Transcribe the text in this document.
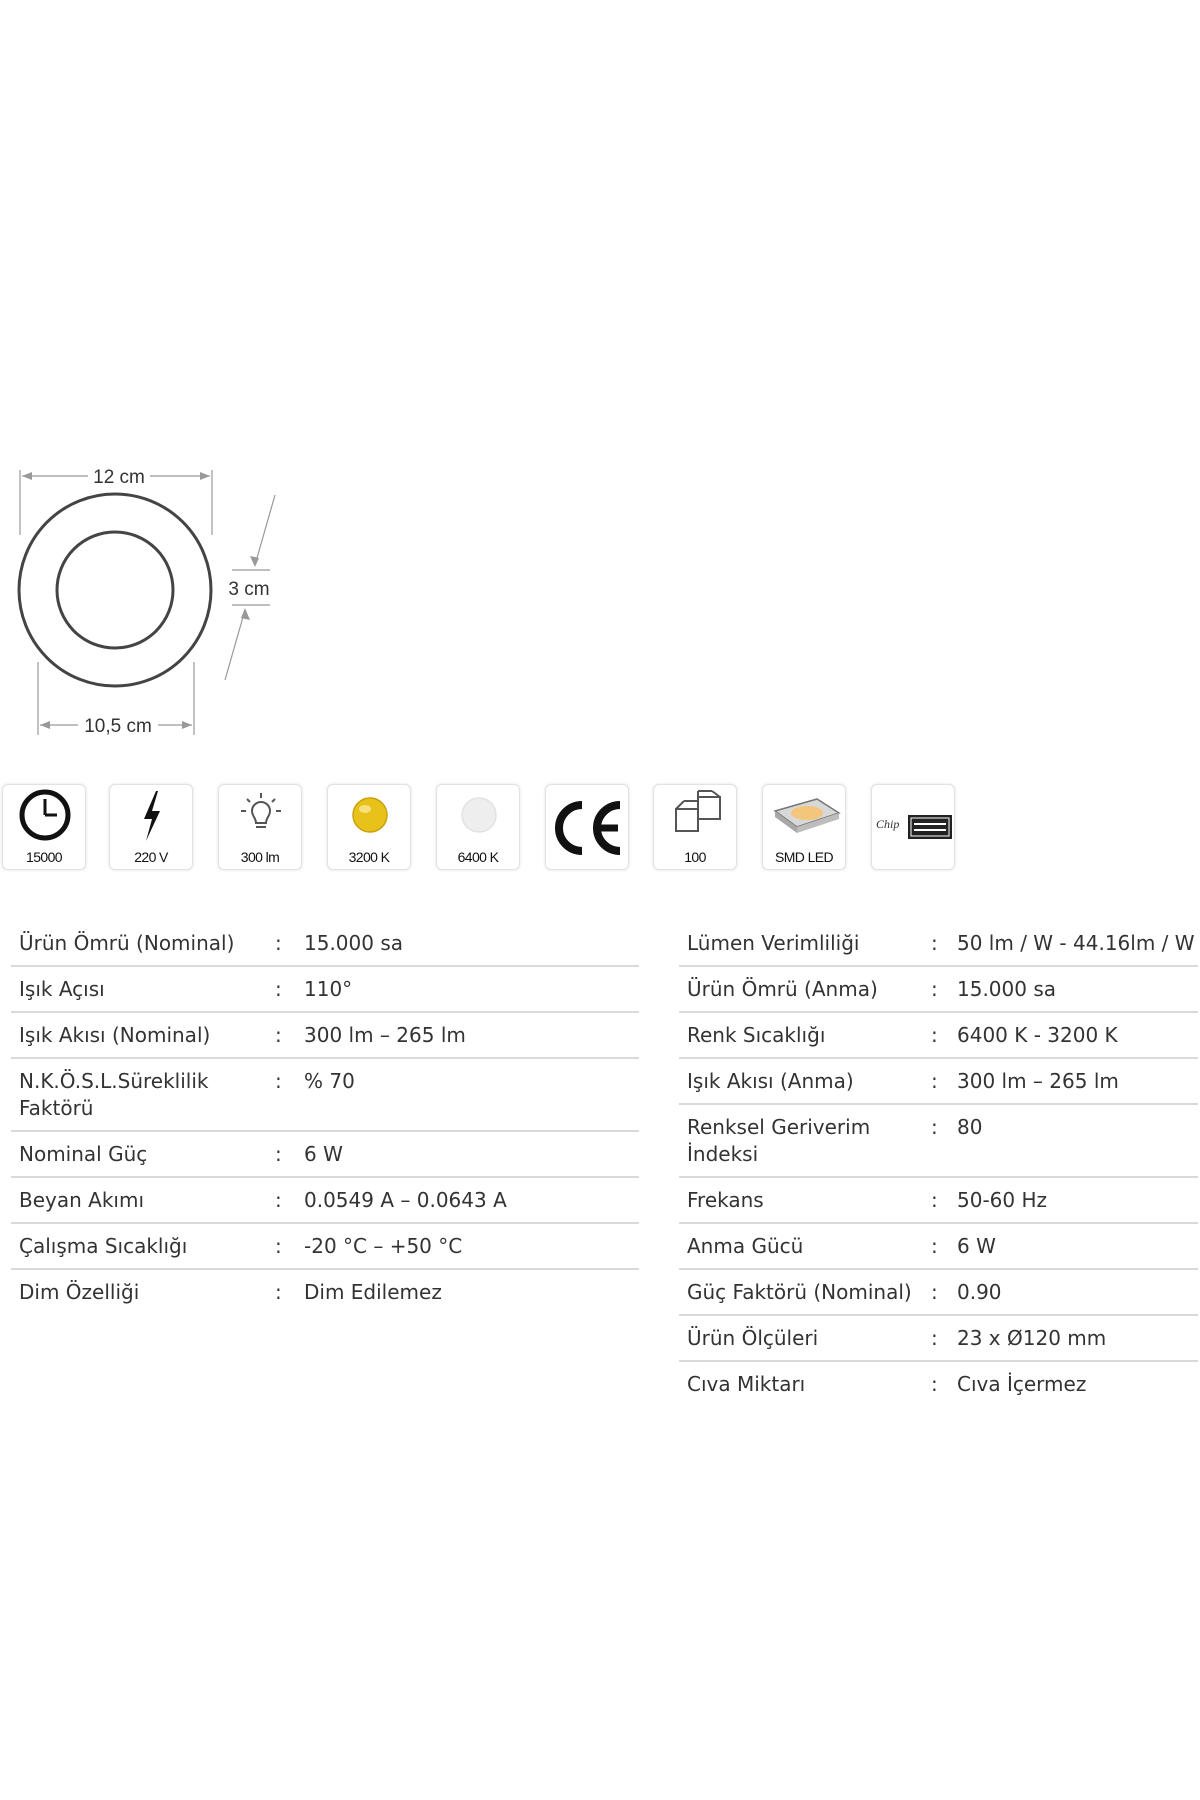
12 cm
3 cm
10,5 cm
15000	220 V	300 lm	3200 K	6400 K	100	SMD LED
Chip
Ürün Ömrü (Nominal)	:	15.000 sa
Işık Açısı	:	110°
Işık Akısı (Nominal)	:	300 lm – 265 lm
N.K.Ö.S.L.Süreklilik Faktörü	:	% 70
Nominal Güç	:	6 W
Beyan Akımı	:	0.0549 A – 0.0643 A
Çalışma Sıcaklığı	:	-20 °C – +50 °C
Dim Özelliği	:	Dim Edilemez
Lümen Verimliliği	:	50 lm / W - 44.16lm / W
Ürün Ömrü (Anma)	:	15.000 sa
Renk Sıcaklığı	:	6400 K - 3200 K
Işık Akısı (Anma)	:	300 lm – 265 lm
Renksel Geriverim İndeksi	:	80
Frekans	:	50-60 Hz
Anma Gücü	:	6 W
Güç Faktörü (Nominal)	:	0.90
Ürün Ölçüleri	:	23 x Ø120 mm
Cıva Miktarı	:	Cıva İçermez
